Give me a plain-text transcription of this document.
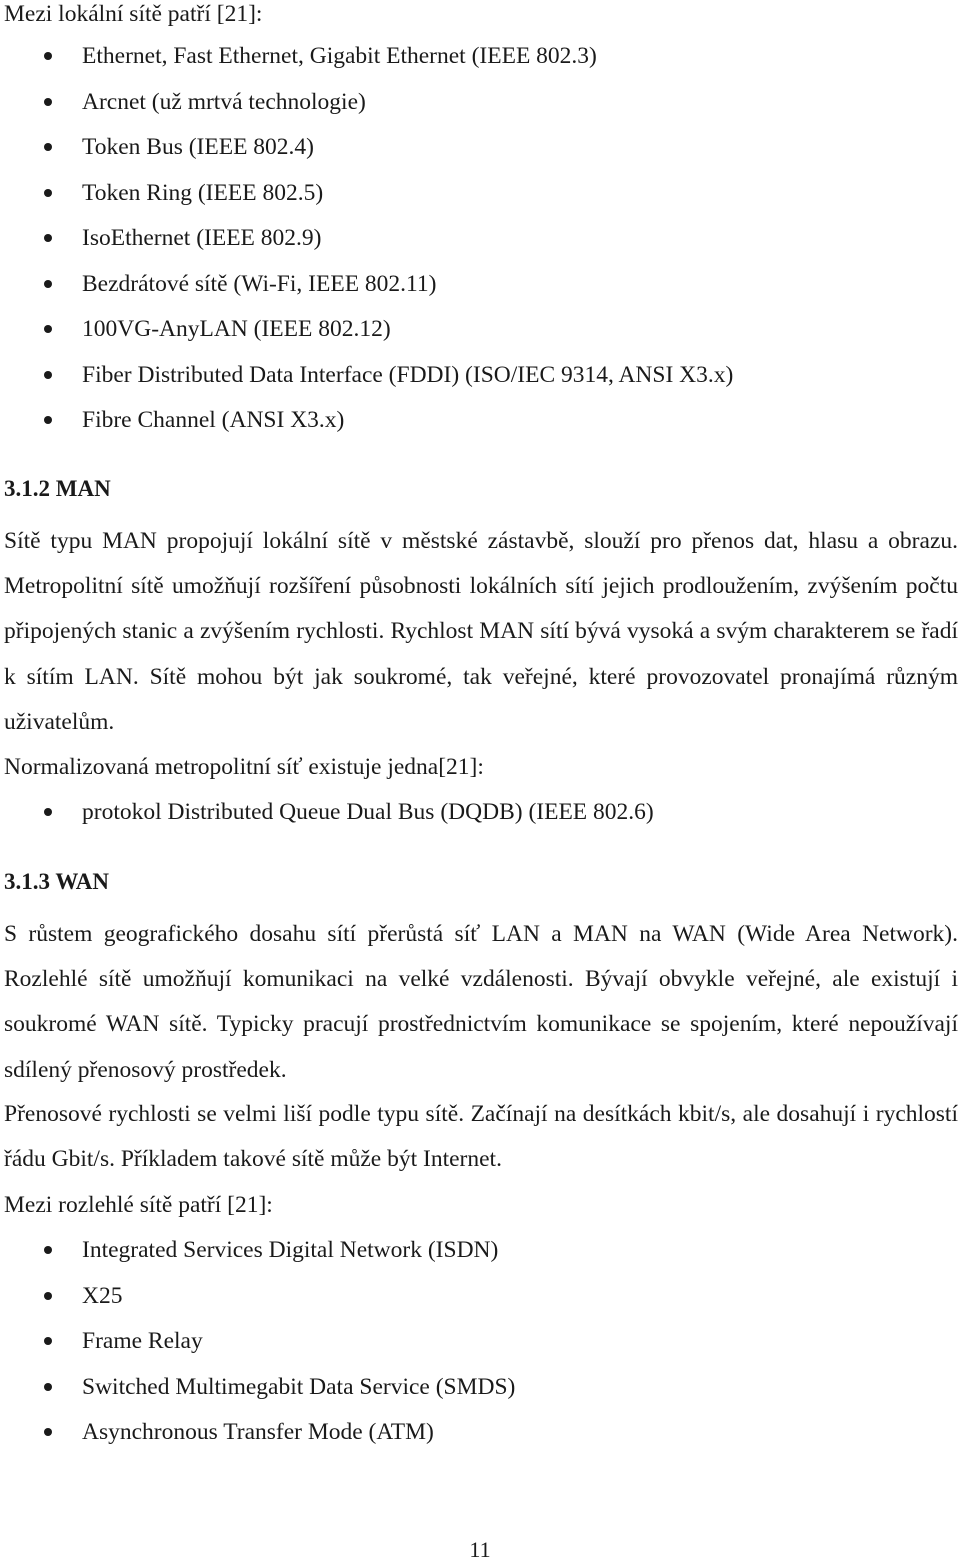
Mezi lokální sítě patří [21]:

Ethernet, Fast Ethernet, Gigabit Ethernet (IEEE 802.3)
Arcnet (už mrtvá technologie)
Token Bus (IEEE 802.4)
Token Ring (IEEE 802.5)
IsoEthernet (IEEE 802.9)
Bezdrátové sítě (Wi-Fi, IEEE 802.11)
100VG-AnyLAN (IEEE 802.12)
Fiber Distributed Data Interface (FDDI) (ISO/IEC 9314, ANSI X3.x)
Fibre Channel (ANSI X3.x)
3.1.2 MAN

Sítě typu MAN propojují lokální sítě v městské zástavbě, slouží pro přenos dat, hlasu a obrazu. Metropolitní sítě umožňují rozšíření působnosti lokálních sítí jejich prodloužením, zvýšením počtu připojených stanic a zvýšením rychlosti. Rychlost MAN sítí bývá vysoká a svým charakterem se řadí k sítím LAN. Sítě mohou být jak soukromé, tak veřejné, které provozovatel pronajímá různým uživatelům.

Normalizovaná metropolitní síť existuje jedna[21]:

protokol Distributed Queue Dual Bus (DQDB) (IEEE 802.6)
3.1.3 WAN

S růstem geografického dosahu sítí přerůstá síť LAN a MAN na WAN (Wide Area Network). Rozlehlé sítě umožňují komunikaci na velké vzdálenosti. Bývají obvykle veřejné, ale existují i soukromé WAN sítě. Typicky pracují prostřednictvím komunikace se spojením, které nepoužívají sdílený přenosový prostředek.

Přenosové rychlosti se velmi liší podle typu sítě. Začínají na desítkách kbit/s, ale dosahují i rychlostí řádu Gbit/s. Příkladem takové sítě může být Internet.

Mezi rozlehlé sítě patří [21]:

Integrated Services Digital Network (ISDN)
X25
Frame Relay
Switched Multimegabit Data Service (SMDS)
Asynchronous Transfer Mode (ATM)

11
